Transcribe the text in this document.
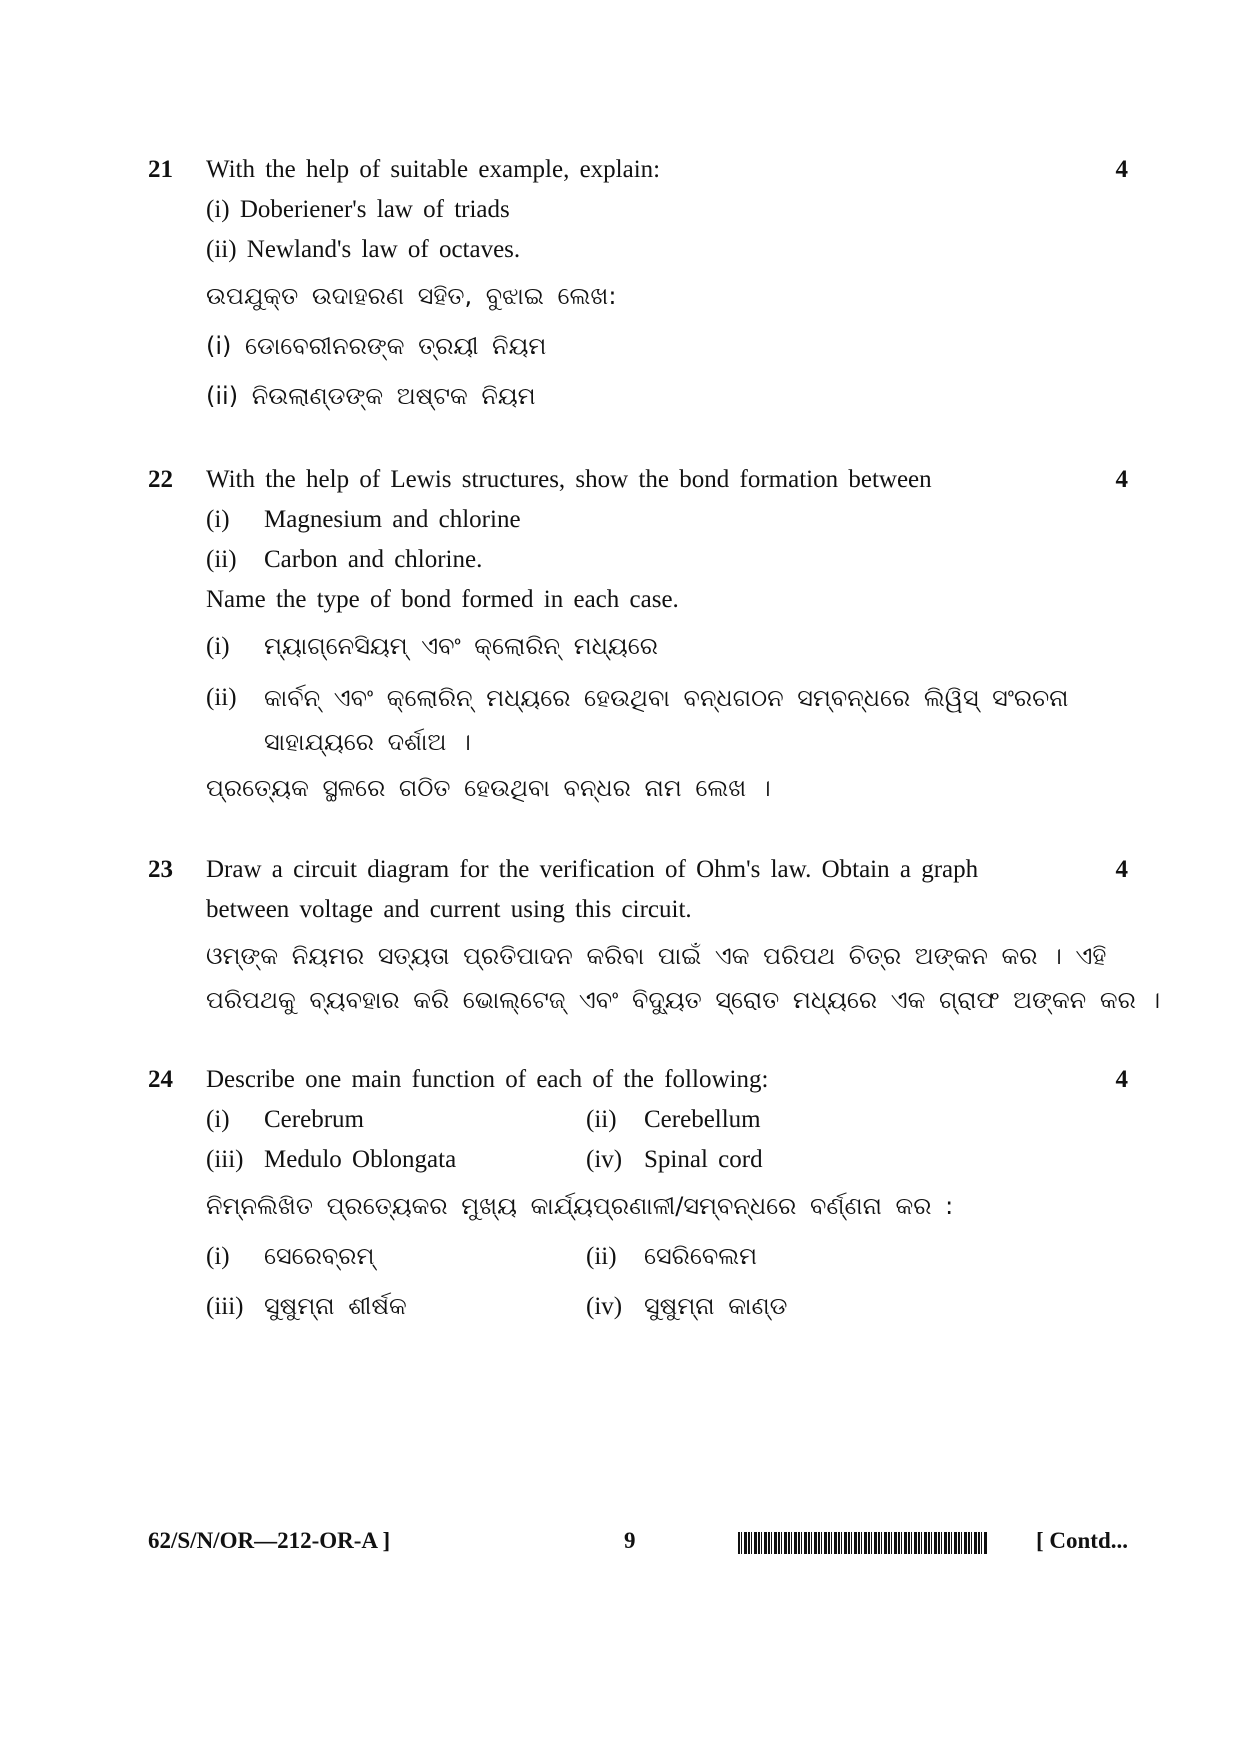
21	4
With the help of suitable example, explain:
(i) Doberiener's law of triads
(ii) Newland's law of octaves.
ଉପଯୁକ୍ତ ଉଦାହରଣ ସହିତ, ବୁଝାଇ ଲେଖ:
(i) ଡୋବେରୀନରଙ୍କ ତ୍ରୟୀ ନିୟମ
(ii) ନିଉଲାଣ୍ଡଙ୍କ ଅଷ୍ଟକ ନିୟମ
22	4
With the help of Lewis structures, show the bond formation between
(i) Magnesium and chlorine
(ii) Carbon and chlorine.
Name the type of bond formed in each case.
(i) ମ୍ୟାଗ୍ନେସିୟମ୍ ଏବଂ କ୍ଲୋରିନ୍ ମଧ୍ୟରେ
(ii)	କାର୍ବନ୍ ଏବଂ କ୍ଲୋରିନ୍ ମଧ୍ୟରେ ହେଉଥିବା ବନ୍ଧଗଠନ ସମ୍ବନ୍ଧରେ ଲିୱିସ୍ ସଂରଚନା ସାହାଯ୍ୟରେ ଦର୍ଶାଅ ।
ପ୍ରତ୍ୟେକ ସ୍ଥଳରେ ଗଠିତ ହେଉଥିବା ବନ୍ଧର ନାମ ଲେଖ ।
23	4
Draw a circuit diagram for the verification of Ohm's law. Obtain a graph
between voltage and current using this circuit.
ଓମ୍‌ଙ୍କ ନିୟମର ସତ୍ୟତା ପ୍ରତିପାଦନ କରିବା ପାଇଁ ଏକ ପରିପଥ ଚିତ୍ର ଅଙ୍କନ କର । ଏହି
ପରିପଥକୁ ବ୍ୟବହାର କରି ଭୋଲ୍‌ଟେଜ୍ ଏବଂ ବିଦ୍ୟୁତ ସ୍ରୋତ ମଧ୍ୟରେ ଏକ ଗ୍ରାଫ ଅଙ୍କନ କର ।
24	4
Describe one main function of each of the following:
(i) Cerebrum	(ii) Cerebellum
(iii) Medulo Oblongata	(iv) Spinal cord
ନିମ୍ନଲିଖିତ ପ୍ରତ୍ୟେକର ମୁଖ୍ୟ କାର୍ଯ୍ୟପ୍ରଣାଳୀ/ସମ୍ବନ୍ଧରେ ବର୍ଣ୍ଣନା କର :
(i) ସେରେବ୍ରମ୍	(ii) ସେରିବେଲମ
(iii) ସୁଷୁମ୍ନା ଶୀର୍ଷକ	(iv) ସୁଷୁମ୍ନା କାଣ୍ଡ
62/S/N/OR—212-OR-A ]	9	[ Contd...
